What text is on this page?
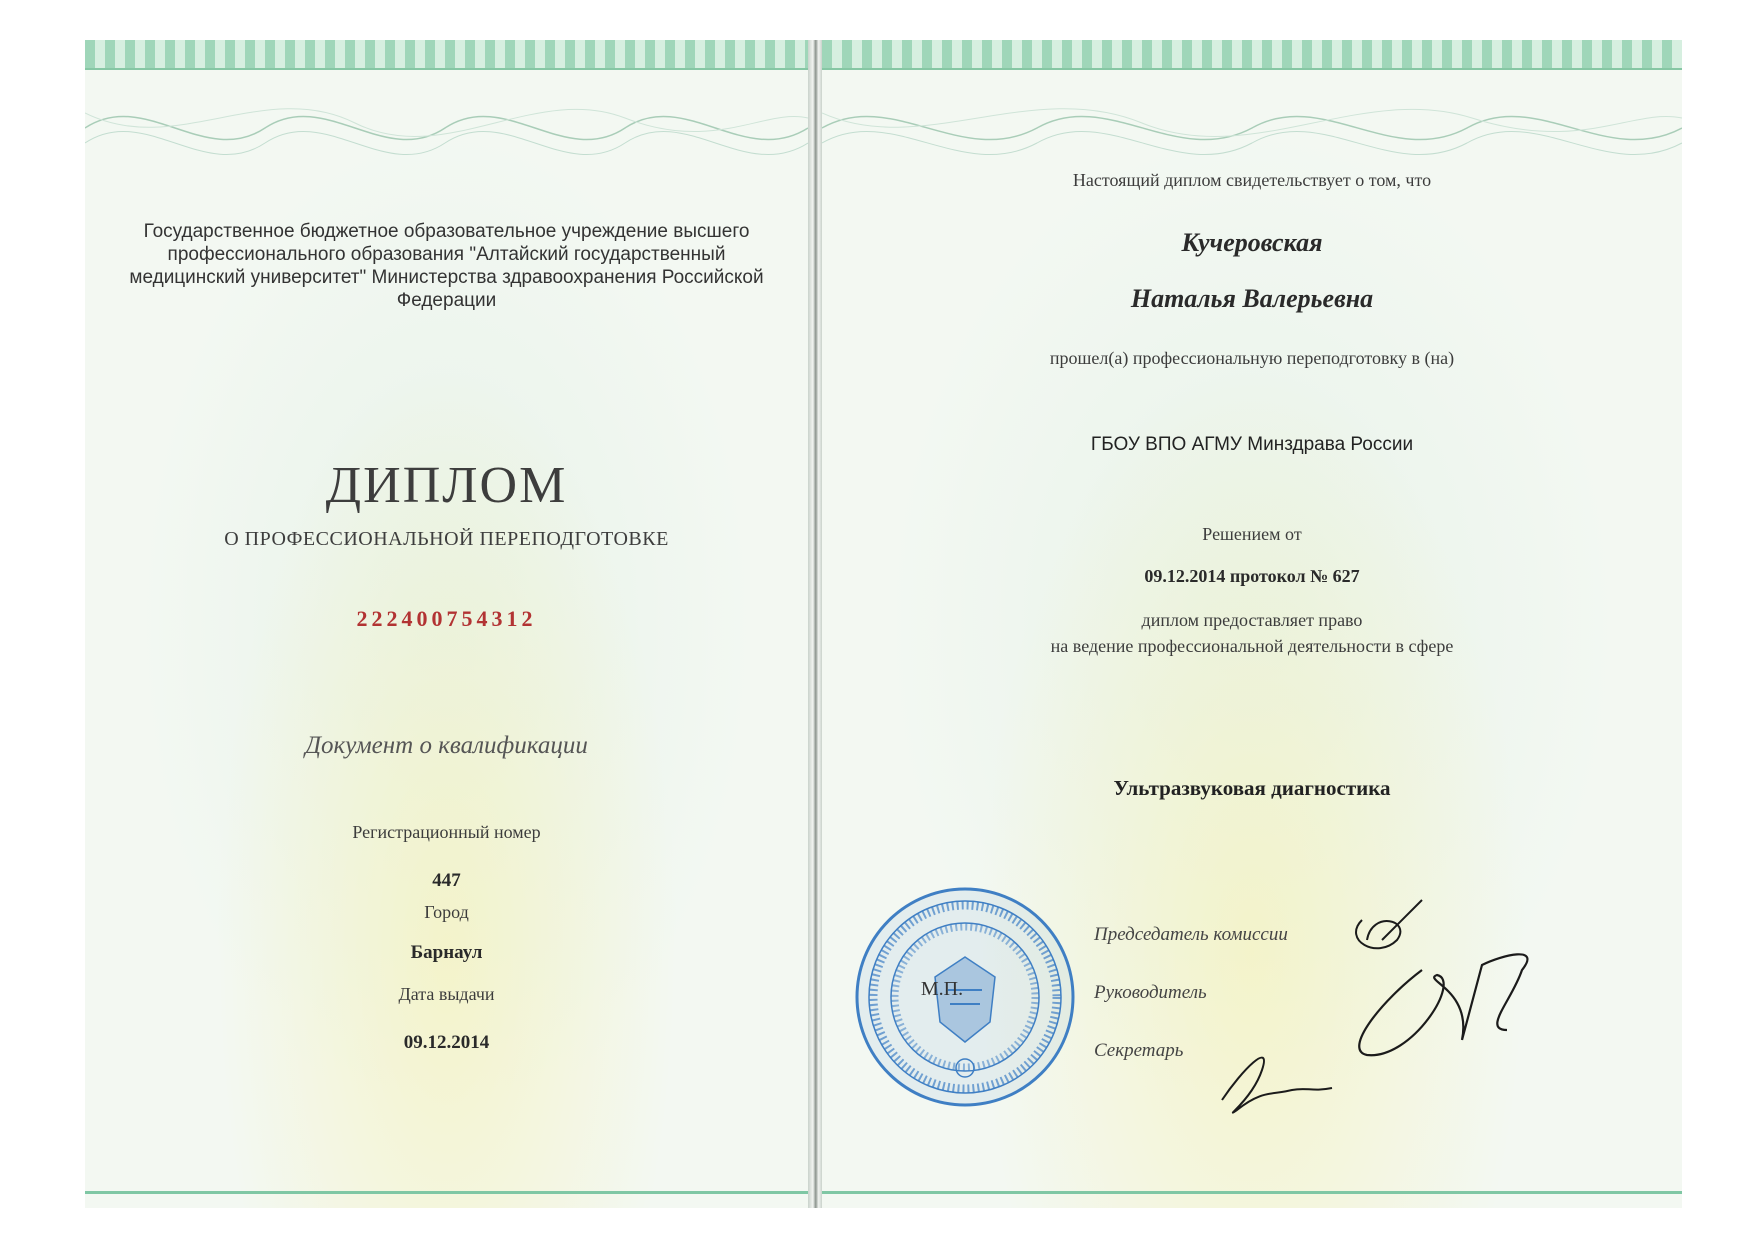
Государственное бюджетное образовательное учреждение высшего профессионального образования "Алтайский государственный медицинский университет" Министерства здравоохранения Российской Федерации
ДИПЛОМ
О ПРОФЕССИОНАЛЬНОЙ ПЕРЕПОДГОТОВКЕ
222400754312
Документ о квалификации
Регистрационный номер
447
Город
Барнаул
Дата выдачи
09.12.2014
Настоящий диплом свидетельствует о том, что
Кучеровская
Наталья Валерьевна
прошел(а) профессиональную переподготовку в (на)
ГБОУ ВПО АГМУ Минздрава России
Решением от
09.12.2014 протокол № 627
диплом предоставляет право
на ведение профессиональной деятельности в сфере
Ультразвуковая диагностика
М.П.
Председатель комиссии
Руководитель
Секретарь
